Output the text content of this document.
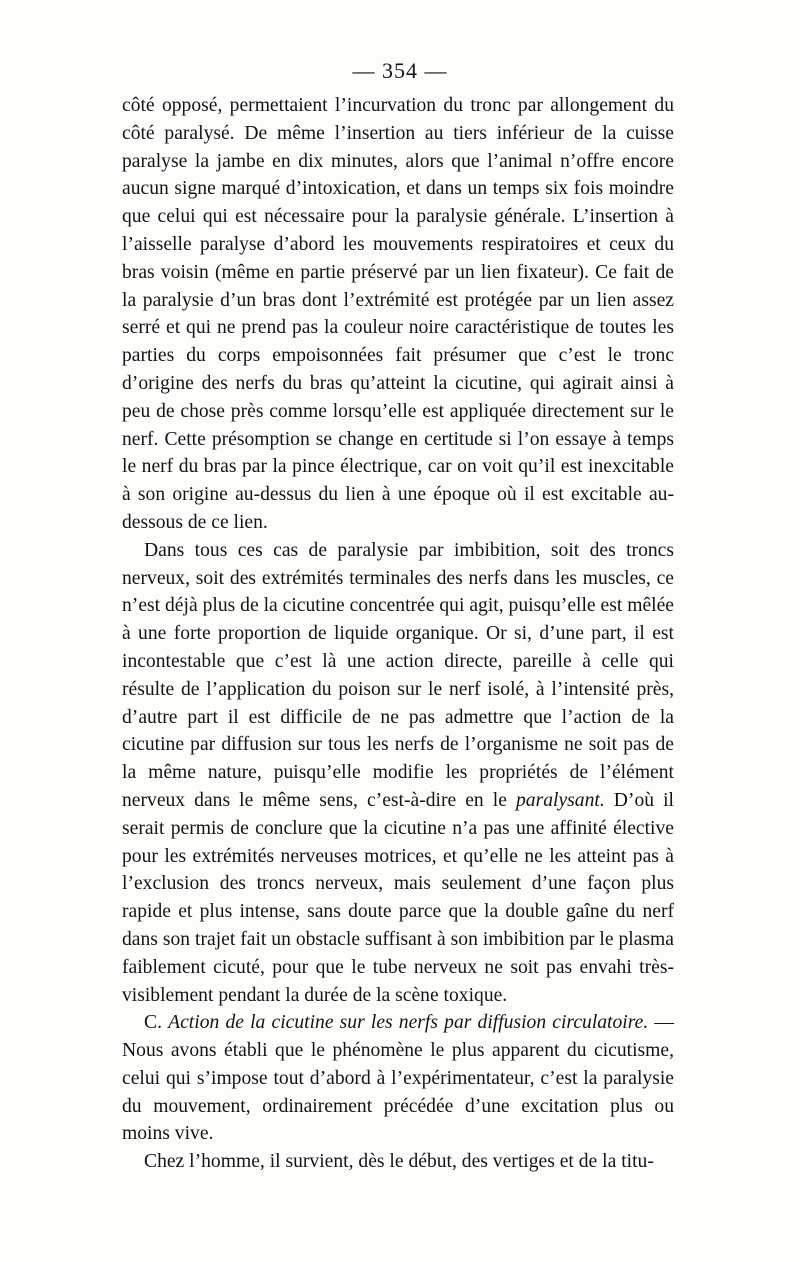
— 354 —

côté opposé, permettaient l’incurvation du tronc par allongement du côté paralysé. De même l’insertion au tiers inférieur de la cuisse paralyse la jambe en dix minutes, alors que l’animal n’offre encore aucun signe marqué d’intoxication, et dans un temps six fois moindre que celui qui est nécessaire pour la paralysie générale. L’insertion à l’aisselle paralyse d’abord les mouvements respiratoires et ceux du bras voisin (même en partie préservé par un lien fixateur). Ce fait de la paralysie d’un bras dont l’extrémité est protégée par un lien assez serré et qui ne prend pas la couleur noire caractéristique de toutes les parties du corps empoisonnées fait présumer que c’est le tronc d’origine des nerfs du bras qu’atteint la cicutine, qui agirait ainsi à peu de chose près comme lorsqu’elle est appliquée directement sur le nerf. Cette présomption se change en certitude si l’on essaye à temps le nerf du bras par la pince électrique, car on voit qu’il est inexcitable à son origine au-dessus du lien à une époque où il est excitable au-dessous de ce lien.

Dans tous ces cas de paralysie par imbibition, soit des troncs nerveux, soit des extrémités terminales des nerfs dans les muscles, ce n’est déjà plus de la cicutine concentrée qui agit, puisqu’elle est mêlée à une forte proportion de liquide organique. Or si, d’une part, il est incontestable que c’est là une action directe, pareille à celle qui résulte de l’application du poison sur le nerf isolé, à l’intensité près, d’autre part il est difficile de ne pas admettre que l’action de la cicutine par diffusion sur tous les nerfs de l’organisme ne soit pas de la même nature, puisqu’elle modifie les propriétés de l’élément nerveux dans le même sens, c’est-à-dire en le paralysant. D’où il serait permis de conclure que la cicutine n’a pas une affinité élective pour les extrémités nerveuses motrices, et qu’elle ne les atteint pas à l’exclusion des troncs nerveux, mais seulement d’une façon plus rapide et plus intense, sans doute parce que la double gaîne du nerf dans son trajet fait un obstacle suffisant à son imbibition par le plasma faiblement cicuté, pour que le tube nerveux ne soit pas envahi très-visiblement pendant la durée de la scène toxique.

C. Action de la cicutine sur les nerfs par diffusion circulatoire. — Nous avons établi que le phénomène le plus apparent du cicutisme, celui qui s’impose tout d’abord à l’expérimentateur, c’est la paralysie du mouvement, ordinairement précédée d’une excitation plus ou moins vive.

Chez l’homme, il survient, dès le début, des vertiges et de la titu-
